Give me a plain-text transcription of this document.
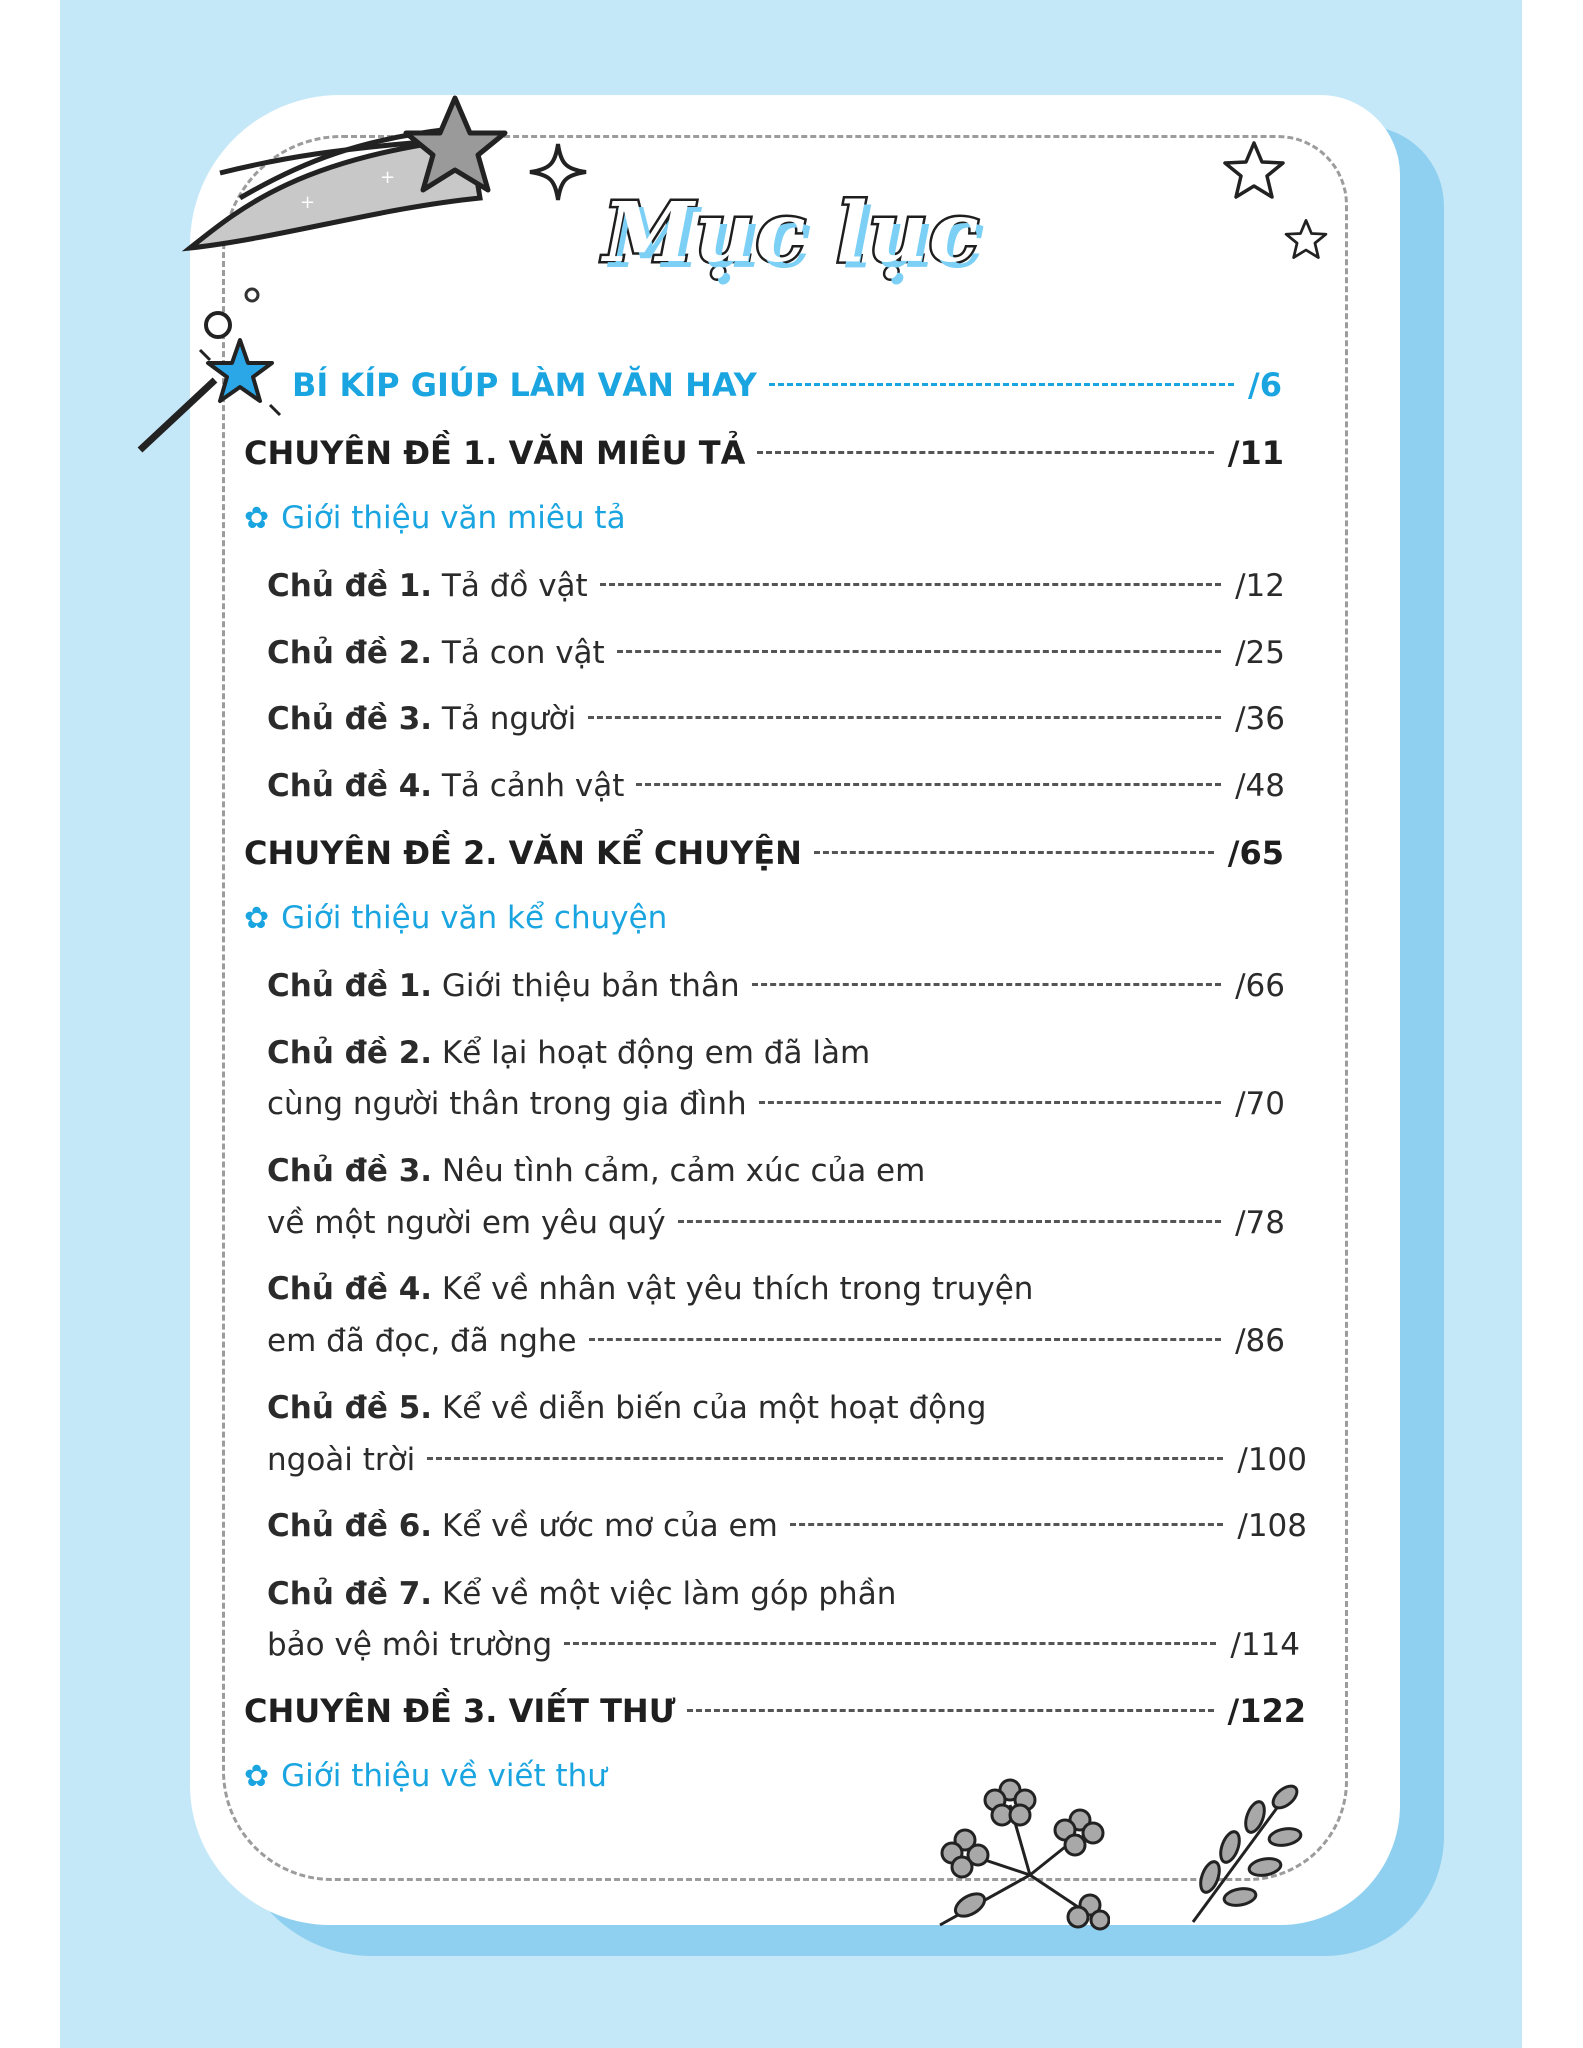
+
+
Mục lục
BÍ KÍP GIÚP LÀM VĂN HAY	/6
CHUYÊN ĐỀ 1. VĂN MIÊU TẢ	/11
✿ Giới thiệu văn miêu tả
Chủ đề 1. Tả đồ vật	/12
Chủ đề 2. Tả con vật	/25
Chủ đề 3. Tả người	/36
Chủ đề 4. Tả cảnh vật	/48
CHUYÊN ĐỀ 2. VĂN KỂ CHUYỆN	/65
✿ Giới thiệu văn kể chuyện
Chủ đề 1. Giới thiệu bản thân	/66
Chủ đề 2. Kể lại hoạt động em đã làm
cùng người thân trong gia đình	/70
Chủ đề 3. Nêu tình cảm, cảm xúc của em
về một người em yêu quý	/78
Chủ đề 4. Kể về nhân vật yêu thích trong truyện
em đã đọc, đã nghe	/86
Chủ đề 5. Kể về diễn biến của một hoạt động
ngoài trời	/100
Chủ đề 6. Kể về ước mơ của em	/108
Chủ đề 7. Kể về một việc làm góp phần
bảo vệ môi trường	/114
CHUYÊN ĐỀ 3. VIẾT THƯ	/122
✿ Giới thiệu về viết thư
